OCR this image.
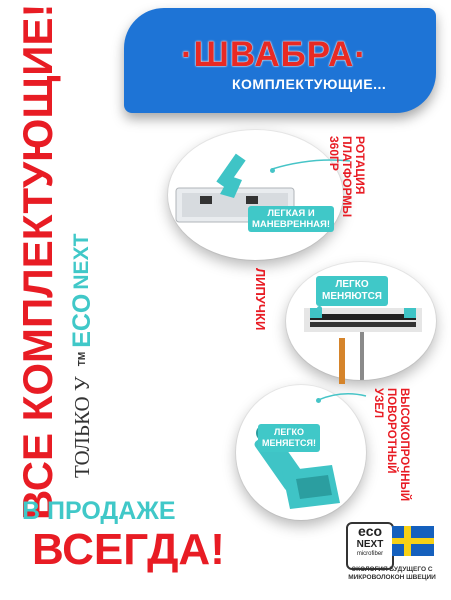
·ШВАБРА·
КОМПЛЕКТУЮЩИЕ...
ВСЕ КОМПЛЕКТУЮЩИЕ! ТОЛЬКО У
ТМ
ECO
NEXT
В ПРОДАЖЕ
ВСЕГДА!
ЛЕГКАЯ И МАНЕВРЕННАЯ!
ЛЕГКО МЕНЯЮТСЯ
ЛЕГКО МЕНЯЕТСЯ!
РОТАЦИЯ ПЛАТФОРМЫ 360ГР
ЛИПУЧКИ
ВЫСОКОПРОЧНЫЙ ПОВОРОТНЫЙ УЗЕЛ
eco
NEXT
microfiber
ЭКОЛОГИЯ БУДУЩЕГО С МИКРОВОЛОКОН ШВЕЦИИ
